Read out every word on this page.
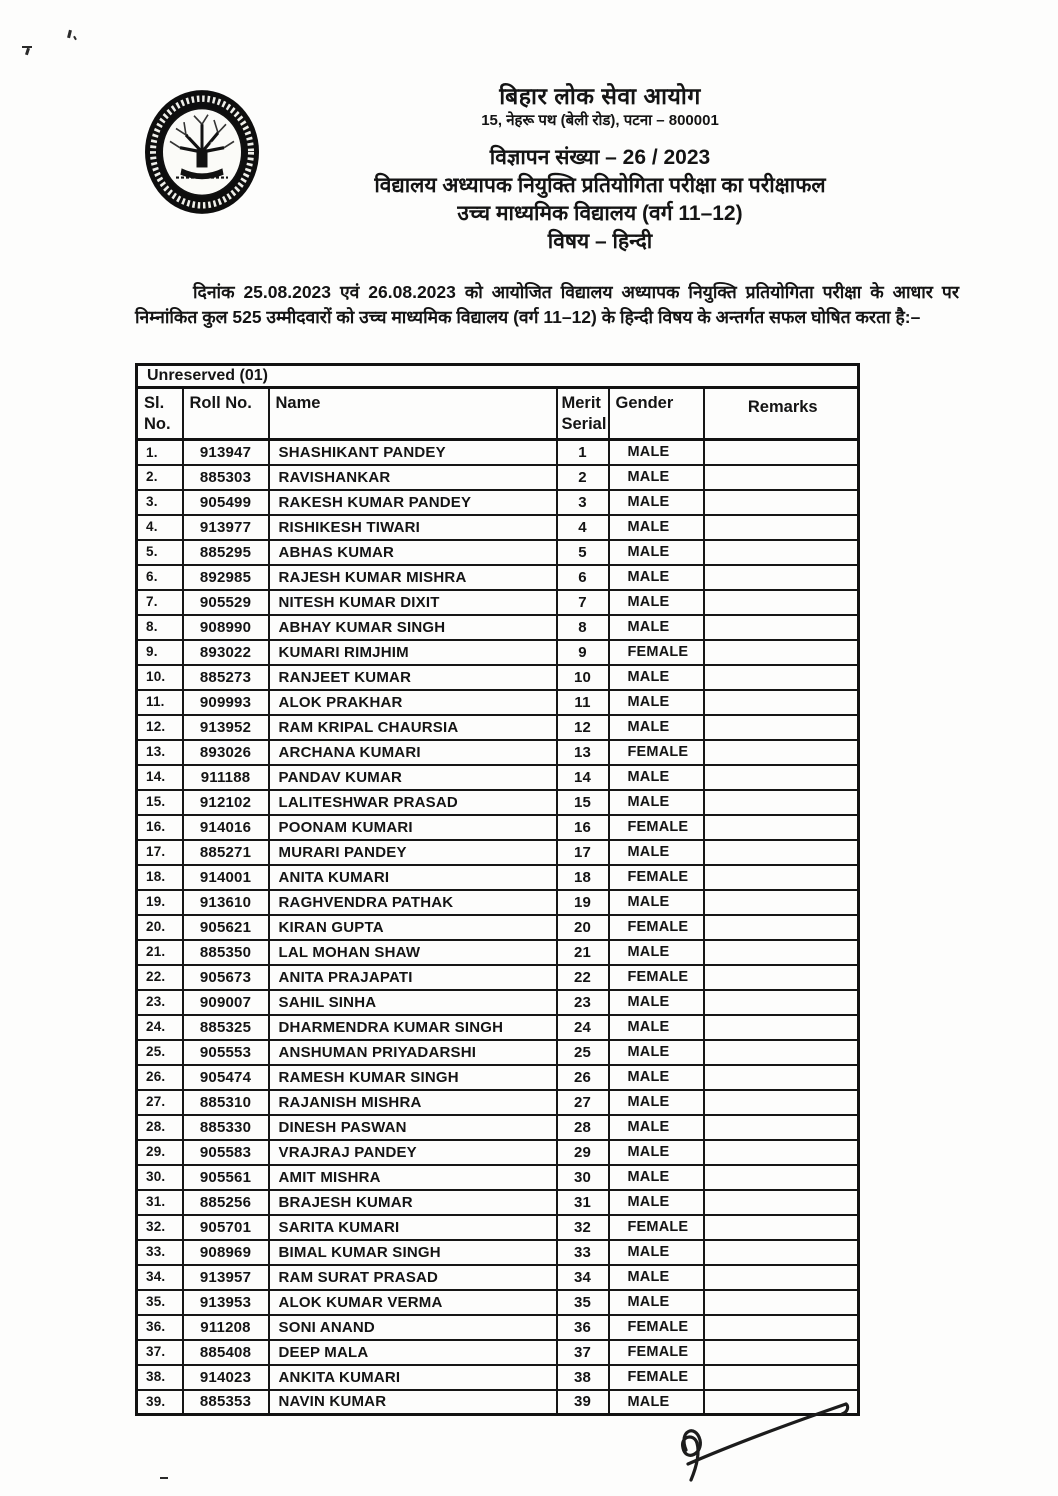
बिहार लोक सेवा आयोग
15, नेहरू पथ (बेली रोड), पटना – 800001
विज्ञापन संख्या – 26 / 2023
विद्यालय अध्यापक नियुक्ति प्रतियोगिता परीक्षा का परीक्षाफल
उच्च माध्यमिक विद्यालय (वर्ग 11–12)
विषय – हिन्दी

दिनांक 25.08.2023 एवं 26.08.2023 को आयोजित विद्यालय अध्यापक नियुक्ति प्रतियोगिता परीक्षा के आधार पर निम्नांकित कुल 525 उम्मीदवारों को उच्च माध्यमिक विद्यालय (वर्ग 11–12) के हिन्दी विषय के अन्तर्गत सफल घोषित करता है:–

Unreserved (01)					
Sl. No.	Roll No.	Name	Merit Serial	Gender	Remarks
1.	913947	SHASHIKANT PANDEY	1	MALE	
2.	885303	RAVISHANKAR	2	MALE	
3.	905499	RAKESH KUMAR PANDEY	3	MALE	
4.	913977	RISHIKESH TIWARI	4	MALE	
5.	885295	ABHAS KUMAR	5	MALE	
6.	892985	RAJESH KUMAR MISHRA	6	MALE	
7.	905529	NITESH KUMAR DIXIT	7	MALE	
8.	908990	ABHAY KUMAR SINGH	8	MALE	
9.	893022	KUMARI RIMJHIM	9	FEMALE	
10.	885273	RANJEET KUMAR	10	MALE	
11.	909993	ALOK PRAKHAR	11	MALE	
12.	913952	RAM KRIPAL CHAURSIA	12	MALE	
13.	893026	ARCHANA KUMARI	13	FEMALE	
14.	911188	PANDAV KUMAR	14	MALE	
15.	912102	LALITESHWAR PRASAD	15	MALE	
16.	914016	POONAM KUMARI	16	FEMALE	
17.	885271	MURARI PANDEY	17	MALE	
18.	914001	ANITA KUMARI	18	FEMALE	
19.	913610	RAGHVENDRA PATHAK	19	MALE	
20.	905621	KIRAN GUPTA	20	FEMALE	
21.	885350	LAL MOHAN SHAW	21	MALE	
22.	905673	ANITA PRAJAPATI	22	FEMALE	
23.	909007	SAHIL SINHA	23	MALE	
24.	885325	DHARMENDRA KUMAR SINGH	24	MALE	
25.	905553	ANSHUMAN PRIYADARSHI	25	MALE	
26.	905474	RAMESH KUMAR SINGH	26	MALE	
27.	885310	RAJANISH MISHRA	27	MALE	
28.	885330	DINESH PASWAN	28	MALE	
29.	905583	VRAJRAJ PANDEY	29	MALE	
30.	905561	AMIT MISHRA	30	MALE	
31.	885256	BRAJESH KUMAR	31	MALE	
32.	905701	SARITA KUMARI	32	FEMALE	
33.	908969	BIMAL KUMAR SINGH	33	MALE	
34.	913957	RAM SURAT PRASAD	34	MALE	
35.	913953	ALOK KUMAR VERMA	35	MALE	
36.	911208	SONI ANAND	36	FEMALE	
37.	885408	DEEP MALA	37	FEMALE	
38.	914023	ANKITA KUMARI	38	FEMALE	
39.	885353	NAVIN KUMAR	39	MALE	
